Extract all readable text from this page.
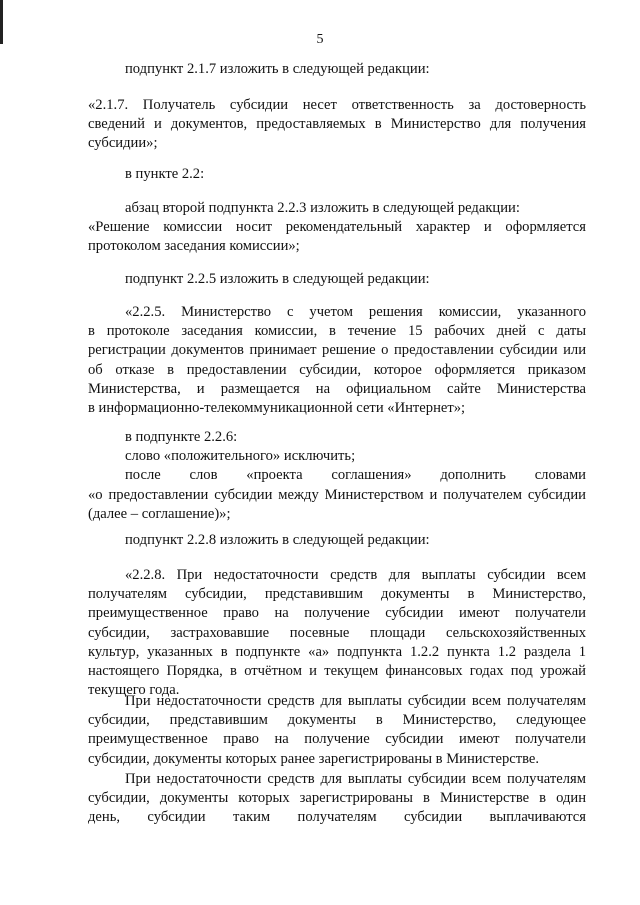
5

подпункт 2.1.7 изложить в следующей редакции:

«2.1.7. Получатель субсидии несет ответственность за достоверность
сведений и документов, предоставляемых в Министерство для получения
субсидии»;

в пункте 2.2:

абзац второй подпункта 2.2.3 изложить в следующей редакции:
«Решение комиссии носит рекомендательный характер и оформляется
протоколом заседания комиссии»;

подпункт 2.2.5 изложить в следующей редакции:

«2.2.5. Министерство с учетом решения комиссии, указанного
в протоколе заседания комиссии, в течение 15 рабочих дней с даты
регистрации документов принимает решение о предоставлении субсидии или
об отказе в предоставлении субсидии, которое оформляется приказом
Министерства, и размещается на официальном сайте Министерства
в информационно-телекоммуникационной сети «Интернет»;
в подпункте 2.2.6:
слово «положительного» исключить;
после слов «проекта соглашения» дополнить словами
«о предоставлении субсидии между Министерством и получателем субсидии
(далее – соглашение)»;

подпункт 2.2.8 изложить в следующей редакции:

«2.2.8. При недостаточности средств для выплаты субсидии всем
получателям субсидии, представившим документы в Министерство,
преимущественное право на получение субсидии имеют получатели
субсидии, застраховавшие посевные площади сельскохозяйственных
культур, указанных в подпункте «а» подпункта 1.2.2 пункта 1.2 раздела 1
настоящего Порядка, в отчётном и текущем финансовых годах под урожай
текущего года.
При недостаточности средств для выплаты субсидии всем получателям
субсидии, представившим документы в Министерство, следующее
преимущественное право на получение субсидии имеют получатели
субсидии, документы которых ранее зарегистрированы в Министерстве.
При недостаточности средств для выплаты субсидии всем получателям
субсидии, документы которых зарегистрированы в Министерстве в один
день, субсидии таким получателям субсидии выплачиваются
